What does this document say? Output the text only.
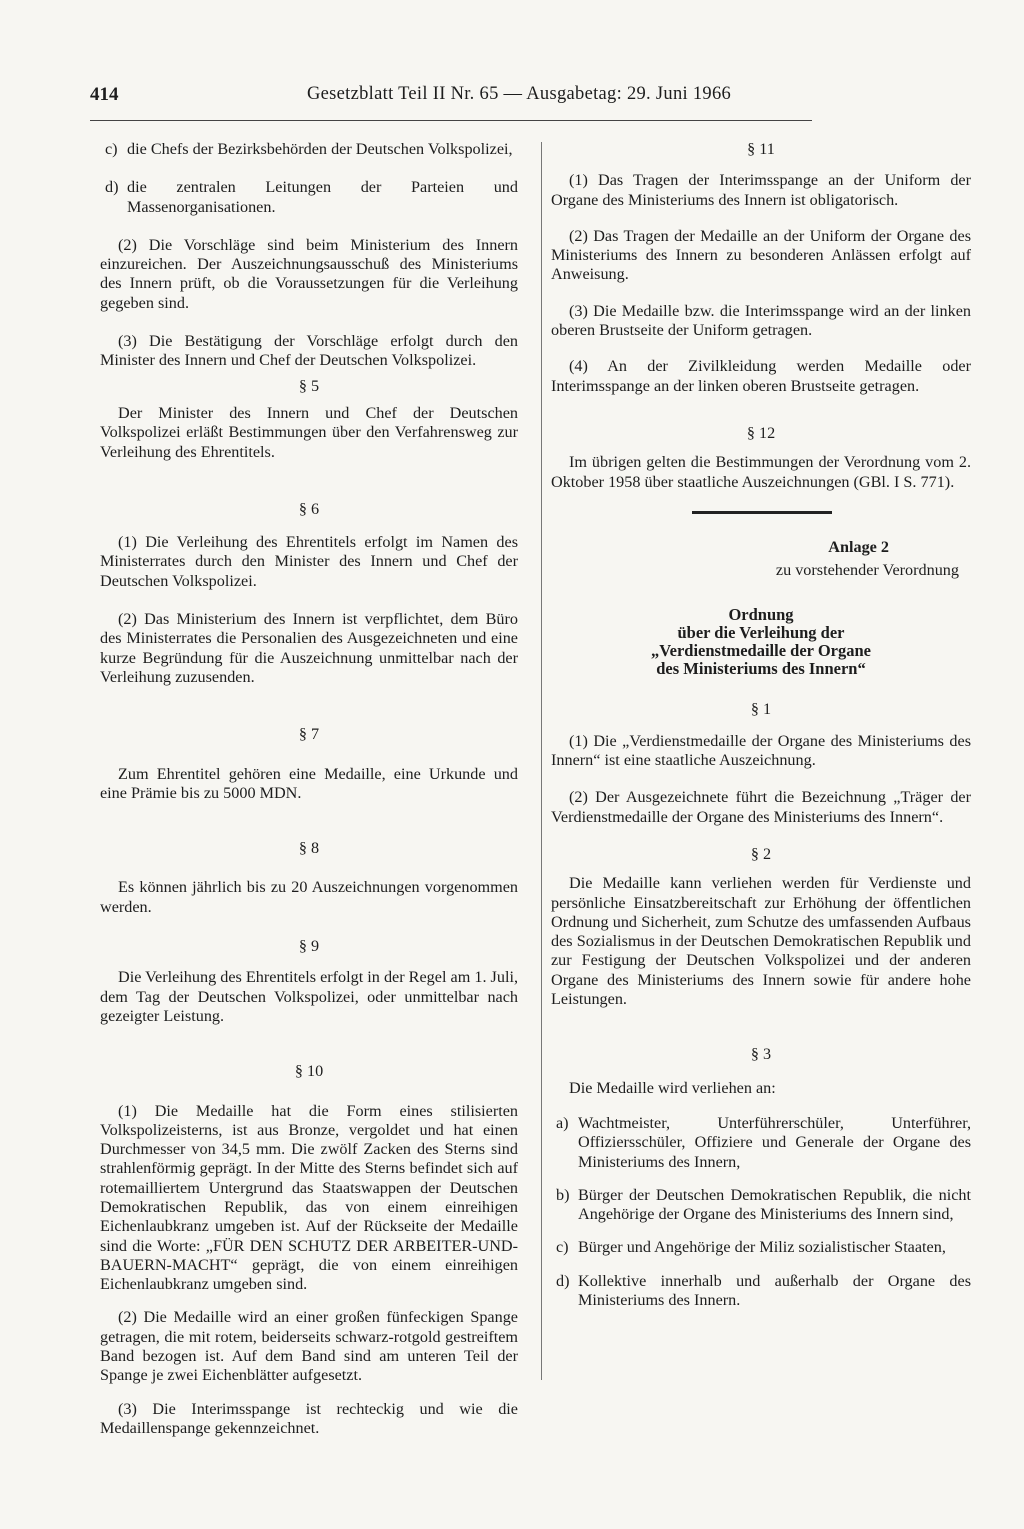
414	Gesetzblatt Teil II Nr. 65 — Ausgabetag: 29. Juni 1966
c) die Chefs der Bezirksbehörden der Deutschen Volkspolizei,
d) die zentralen Leitungen der Parteien und Massenorganisationen.

(2) Die Vorschläge sind beim Ministerium des Innern einzureichen. Der Auszeichnungsausschuß des Ministeriums des Innern prüft, ob die Voraussetzungen für die Verleihung gegeben sind.

(3) Die Bestätigung der Vorschläge erfolgt durch den Minister des Innern und Chef der Deutschen Volkspolizei.

§ 5

Der Minister des Innern und Chef der Deutschen Volkspolizei erläßt Bestimmungen über den Verfahrensweg zur Verleihung des Ehrentitels.

§ 6

(1) Die Verleihung des Ehrentitels erfolgt im Namen des Ministerrates durch den Minister des Innern und Chef der Deutschen Volkspolizei.

(2) Das Ministerium des Innern ist verpflichtet, dem Büro des Ministerrates die Personalien des Ausgezeichneten und eine kurze Begründung für die Auszeichnung unmittelbar nach der Verleihung zuzusenden.

§ 7

Zum Ehrentitel gehören eine Medaille, eine Urkunde und eine Prämie bis zu 5000 MDN.

§ 8

Es können jährlich bis zu 20 Auszeichnungen vorgenommen werden.

§ 9

Die Verleihung des Ehrentitels erfolgt in der Regel am 1. Juli, dem Tag der Deutschen Volkspolizei, oder unmittelbar nach gezeigter Leistung.

§ 10

(1) Die Medaille hat die Form eines stilisierten Volkspolizeisterns, ist aus Bronze, vergoldet und hat einen Durchmesser von 34,5 mm. Die zwölf Zacken des Sterns sind strahlenförmig geprägt. In der Mitte des Sterns befindet sich auf rotemailliertem Untergrund das Staatswappen der Deutschen Demokratischen Republik, das von einem einreihigen Eichenlaubkranz umgeben ist. Auf der Rückseite der Medaille sind die Worte: „FÜR DEN SCHUTZ DER ARBEITER-UND-BAUERN-MACHT“ geprägt, die von einem einreihigen Eichenlaubkranz umgeben sind.

(2) Die Medaille wird an einer großen fünfeckigen Spange getragen, die mit rotem, beiderseits schwarz-rotgold gestreiftem Band bezogen ist. Auf dem Band sind am unteren Teil der Spange je zwei Eichenblätter aufgesetzt.

(3) Die Interimsspange ist rechteckig und wie die Medaillenspange gekennzeichnet.

§ 11

(1) Das Tragen der Interimsspange an der Uniform der Organe des Ministeriums des Innern ist obligatorisch.

(2) Das Tragen der Medaille an der Uniform der Organe des Ministeriums des Innern zu besonderen Anlässen erfolgt auf Anweisung.

(3) Die Medaille bzw. die Interimsspange wird an der linken oberen Brustseite der Uniform getragen.

(4) An der Zivilkleidung werden Medaille oder Interimsspange an der linken oberen Brustseite getragen.

§ 12

Im übrigen gelten die Bestimmungen der Verordnung vom 2. Oktober 1958 über staatliche Auszeichnungen (GBl. I S. 771).

Anlage 2
zu vorstehender Verordnung
Ordnung
über die Verleihung der
„Verdienstmedaille der Organe
des Ministeriums des Innern“
§ 1

(1) Die „Verdienstmedaille der Organe des Ministeriums des Innern“ ist eine staatliche Auszeichnung.

(2) Der Ausgezeichnete führt die Bezeichnung „Träger der Verdienstmedaille der Organe des Ministeriums des Innern“.

§ 2

Die Medaille kann verliehen werden für Verdienste und persönliche Einsatzbereitschaft zur Erhöhung der öffentlichen Ordnung und Sicherheit, zum Schutze des umfassenden Aufbaus des Sozialismus in der Deutschen Demokratischen Republik und zur Festigung der Deutschen Volkspolizei und der anderen Organe des Ministeriums des Innern sowie für andere hohe Leistungen.

§ 3

Die Medaille wird verliehen an:

a) Wachtmeister, Unterführerschüler, Unterführer, Offiziersschüler, Offiziere und Generale der Organe des Ministeriums des Innern,
b) Bürger der Deutschen Demokratischen Republik, die nicht Angehörige der Organe des Ministeriums des Innern sind,
c) Bürger und Angehörige der Miliz sozialistischer Staaten,
d) Kollektive innerhalb und außerhalb der Organe des Ministeriums des Innern.
